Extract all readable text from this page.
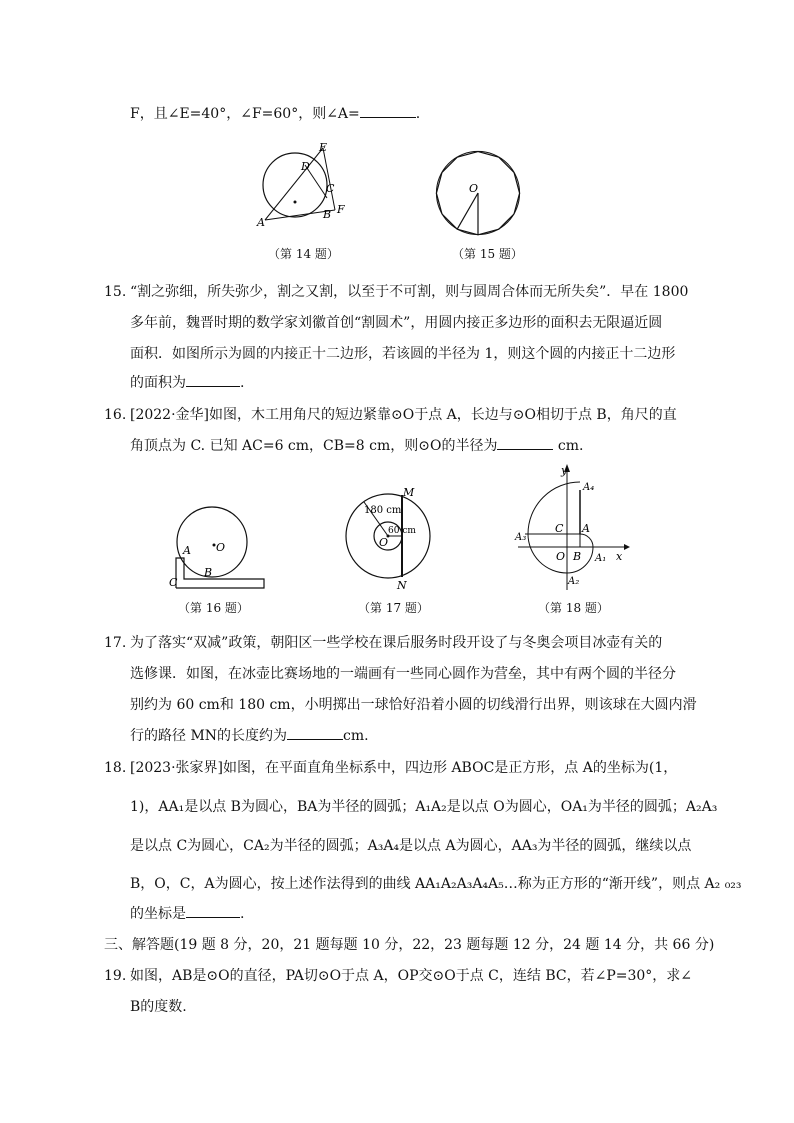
F，且∠E=40°，∠F=60°，则∠A=	.
E
D
C
A
B F
（第 14 题）
O
（第 15 题）
15. “割之弥细，所失弥少，割之又割，以至于不可割，则与圆周合体而无所失矣”．早在 1800
多年前，魏晋时期的数学家刘徽首创“割圆术”，用圆内接正多边形的面积去无限逼近圆
面积．如图所示为圆的内接正十二边形，若该圆的半径为 1，则这个圆的内接正十二边形
的面积为	.
16. [2022·金华]如图，木工用角尺的短边紧靠⊙O于点 A，长边与⊙O相切于点 B，角尺的直
角顶点为 C. 已知 AC=6 cm，CB=8 cm，则⊙O的半径为	cm.
A O
B
C
（第 16 题）
M
180 cm
60 cm
O
N
（第 17 题）
y
x
A₄
C A
A₃
O B A₁
A₂
（第 18 题）
17. 为了落实“双减”政策，朝阳区一些学校在课后服务时段开设了与冬奥会项目冰壶有关的
选修课．如图，在冰壶比赛场地的一端画有一些同心圆作为营垒，其中有两个圆的半径分
别约为 60 cm和 180 cm，小明掷出一球恰好沿着小圆的切线滑行出界，则该球在大圆内滑
行的路径 MN的长度约为	cm.
18. [2023·张家界]如图，在平面直角坐标系中，四边形 ABOC是正方形，点 A的坐标为(1，
1)，AA₁是以点 B为圆心，BA为半径的圆弧；A₁A₂是以点 O为圆心，OA₁为半径的圆弧；A₂A₃
是以点 C为圆心，CA₂为半径的圆弧；A₃A₄是以点 A为圆心，AA₃为半径的圆弧，继续以点
B，O，C，A为圆心，按上述作法得到的曲线 AA₁A₂A₃A₄A₅…称为正方形的“渐开线”，则点 A₂ ₀₂₃
的坐标是	.
三、解答题(19 题 8 分，20，21 题每题 10 分，22，23 题每题 12 分，24 题 14 分，共 66 分)
19. 如图，AB是⊙O的直径，PA切⊙O于点 A，OP交⊙O于点 C，连结 BC，若∠P=30°，求∠
B的度数.
